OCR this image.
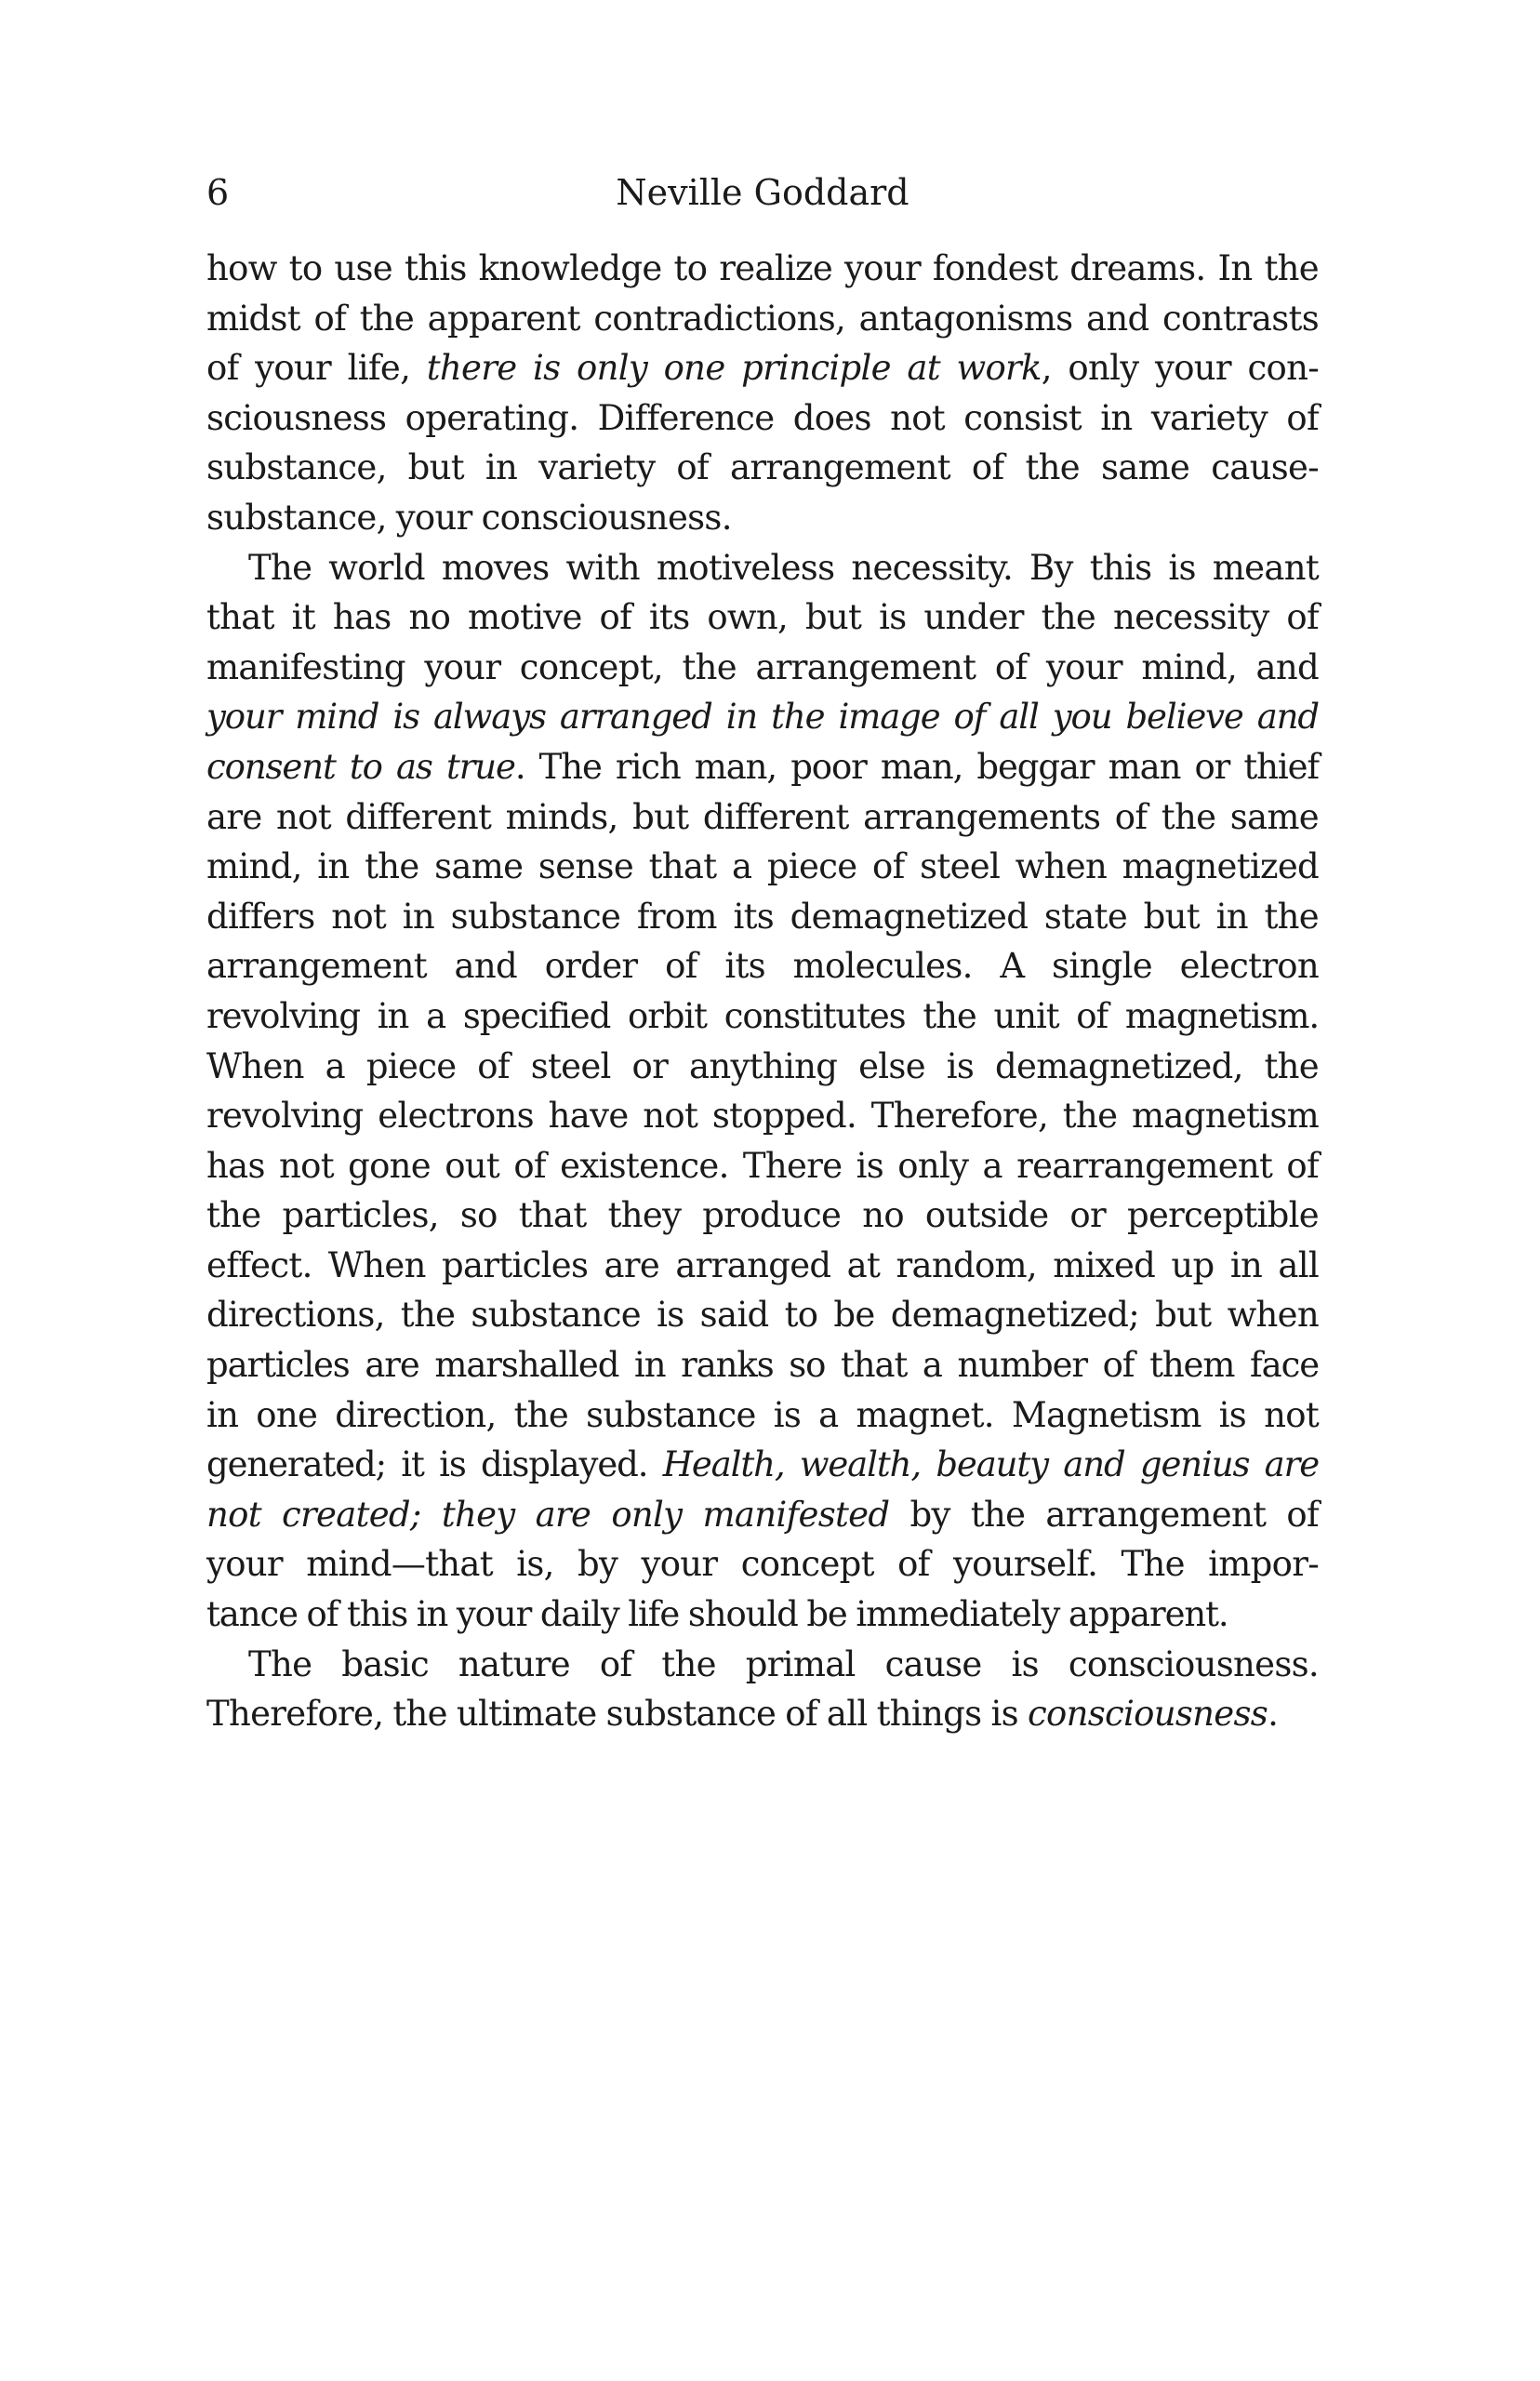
6	Neville Goddard
how to use this knowledge to realize your fondest dreams. In the
midst of the apparent contradictions, antagonisms and contrasts
of your life, there is only one principle at work, only your con-
sciousness operating. Difference does not consist in variety of
substance, but in variety of arrangement of the same cause-
substance, your consciousness.
The world moves with motiveless necessity. By this is meant
that it has no motive of its own, but is under the necessity of
manifesting your concept, the arrangement of your mind, and
your mind is always arranged in the image of all you believe and
consent to as true. The rich man, poor man, beggar man or thief
are not different minds, but different arrangements of the same
mind, in the same sense that a piece of steel when magnetized
differs not in substance from its demagnetized state but in the
arrangement and order of its molecules. A single electron
revolving in a specified orbit constitutes the unit of magnetism.
When a piece of steel or anything else is demagnetized, the
revolving electrons have not stopped. Therefore, the magnetism
has not gone out of existence. There is only a rearrangement of
the particles, so that they produce no outside or perceptible
effect. When particles are arranged at random, mixed up in all
directions, the substance is said to be demagnetized; but when
particles are marshalled in ranks so that a number of them face
in one direction, the substance is a magnet. Magnetism is not
generated; it is displayed. Health, wealth, beauty and genius are
not created; they are only manifested by the arrangement of
your mind—that is, by your concept of yourself. The impor-
tance of this in your daily life should be immediately apparent.
The basic nature of the primal cause is consciousness.
Therefore, the ultimate substance of all things is consciousness.
